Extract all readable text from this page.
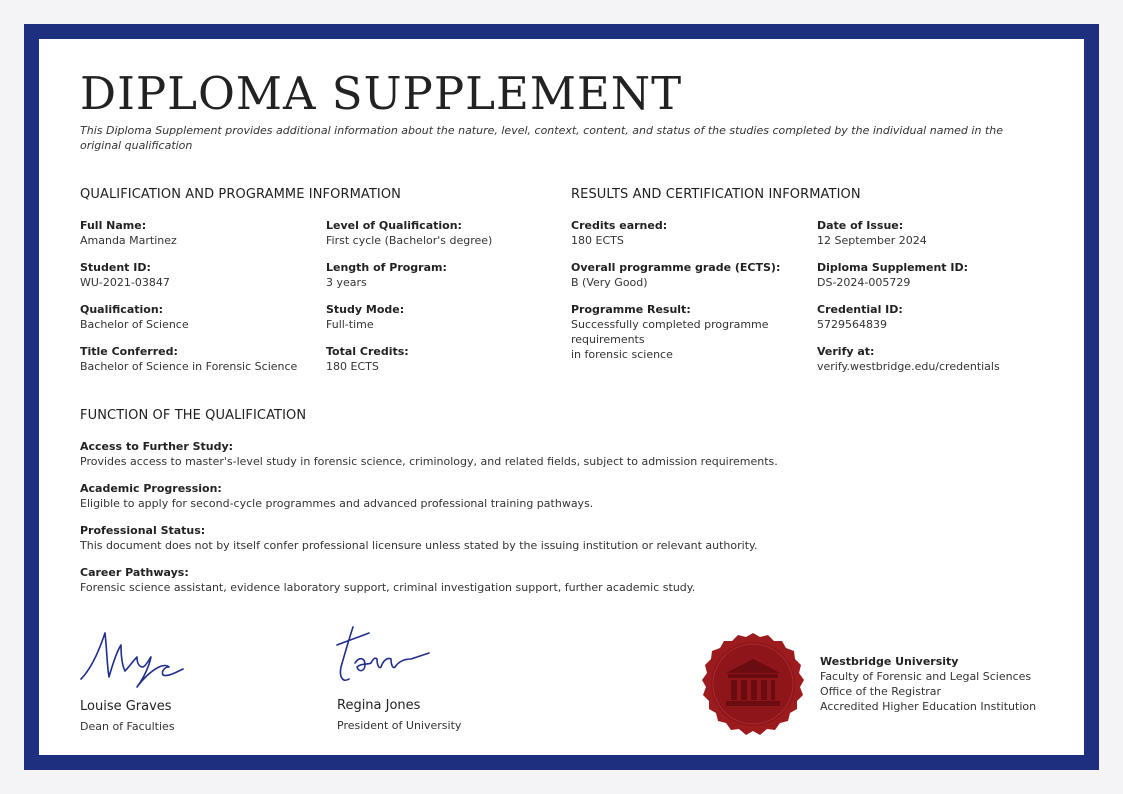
DIPLOMA SUPPLEMENT

This Diploma Supplement provides additional information about the nature, level, context, content, and status of the studies completed by the individual named in the original qualification

QUALIFICATION AND PROGRAMME INFORMATION
Full Name:
Amanda Martinez
Student ID:
WU-2021-03847
Qualification:
Bachelor of Science
Title Conferred:
Bachelor of Science in Forensic Science
Level of Qualification:
First cycle (Bachelor's degree)
Length of Program:
3 years
Study Mode:
Full-time
Total Credits:
180 ECTS
RESULTS AND CERTIFICATION INFORMATION
Credits earned:
180 ECTS
Overall programme grade (ECTS):
B (Very Good)
Programme Result:
Successfully completed programme
requirements
in forensic science
Date of Issue:
12 September 2024
Diploma Supplement ID:
DS-2024-005729
Credential ID:
5729564839
Verify at:
verify.westbridge.edu/credentials
FUNCTION OF THE QUALIFICATION
Access to Further Study:
Provides access to master's-level study in forensic science, criminology, and related fields, subject to admission requirements.
Academic Progression:
Eligible to apply for second-cycle programmes and advanced professional training pathways.
Professional Status:
This document does not by itself confer professional licensure unless stated by the issuing institution or relevant authority.
Career Pathways:
Forensic science assistant, evidence laboratory support, criminal investigation support, further academic study.
Louise Graves
Dean of Faculties
Regina Jones
President of University
Westbridge University
Faculty of Forensic and Legal Sciences
Office of the Registrar
Accredited Higher Education Institution
